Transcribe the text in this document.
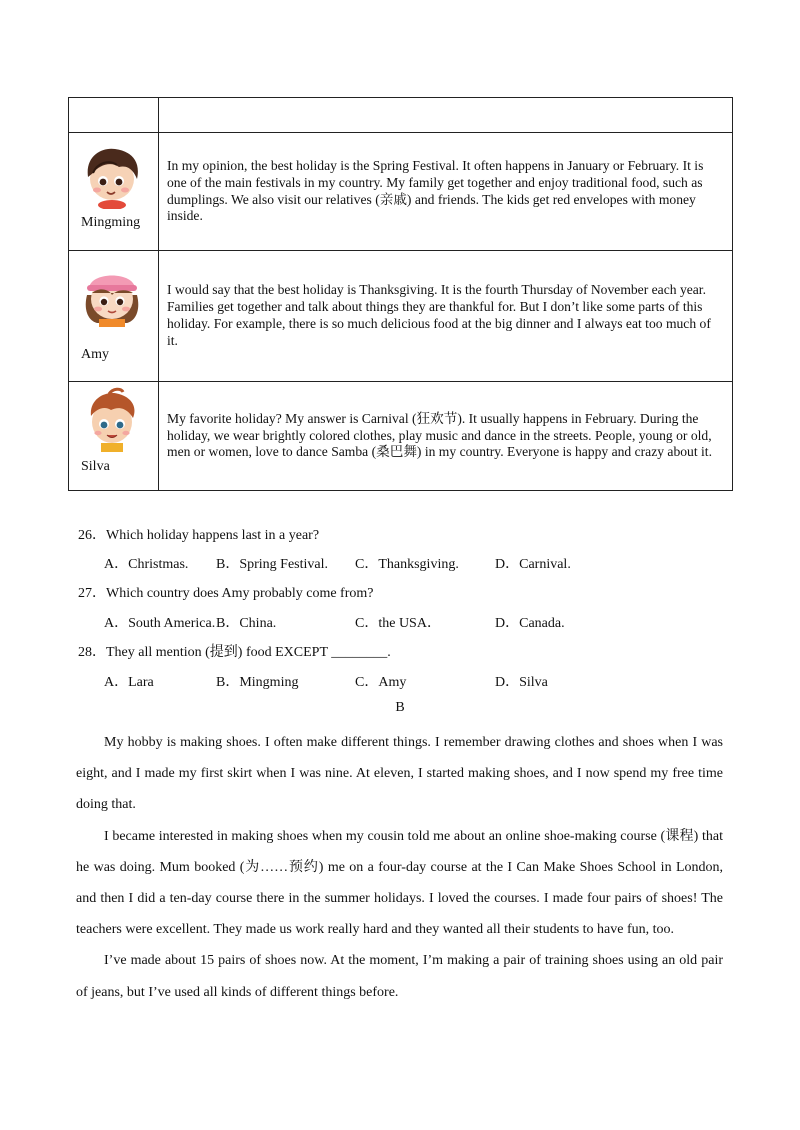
Mingming	In my opinion, the best holiday is the Spring Festival. It often happens in January or February. It is one of the main festivals in my country. My family get together and enjoy traditional food, such as dumplings. We also visit our relatives (亲戚) and friends. The kids get red envelopes with money inside.

Amy	I would say that the best holiday is Thanksgiving. It is the fourth Thursday of November each year. Families get together and talk about things they are thankful for. But I don’t like some parts of this holiday. For example, there is so much delicious food at the big dinner and I always eat too much of it.

Silva	My favorite holiday? My answer is Carnival (狂欢节). It usually happens in February. During the holiday, we wear brightly colored clothes, play music and dance in the streets. People, young or old, men or women, love to dance Samba (桑巴舞) in my country. Everyone is happy and crazy about it.
26．Which holiday happens last in a year?
A．Christmas. B．Spring Festival. C．Thanksgiving.	D．Carnival.
27．Which country does Amy probably come from?
A．South America. B．China.	C．the USA．	D．Canada.
28．They all mention (提到) food EXCEPT ________.
A．Lara	B．Mingming	C．Amy	D．Silva
B

My hobby is making shoes. I often make different things. I remember drawing clothes and shoes when I was eight, and I made my first skirt when I was nine. At eleven, I started making shoes, and I now spend my free time doing that.

I became interested in making shoes when my cousin told me about an online shoe-making course (课程) that he was doing. Mum booked (为……预约) me on a four-day course at the I Can Make Shoes School in London, and then I did a ten-day course there in the summer holidays. I loved the courses. I made four pairs of shoes! The teachers were excellent. They made us work really hard and they wanted all their students to have fun, too.

I’ve made about 15 pairs of shoes now. At the moment, I’m making a pair of training shoes using an old pair of jeans, but I’ve used all kinds of different things before.
